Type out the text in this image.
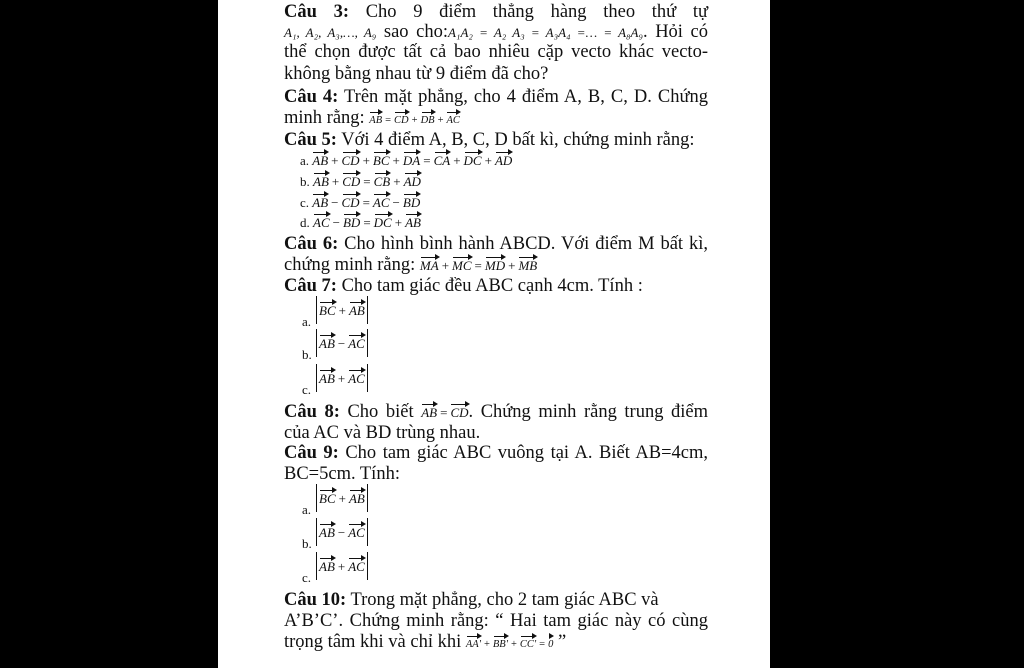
Câu 3: Cho 9 điểm thẳng hàng theo thứ tự
A₁, A₂, A₃,…, A₉ sao cho:A₁A₂ = A₂ A₃ = A₃A₄ =… = A₈A₉. Hỏi có
thể chọn được tất cả bao nhiêu cặp vecto khác vecto-
không bằng nhau từ 9 điểm đã cho?
Câu 4: Trên mặt phẳng, cho 4 điểm A, B, C, D. Chứng
minh rằng: AB = CD + DB + AC
Câu 5: Với 4 điểm A, B, C, D bất kì, chứng minh rằng:
a. AB + CD + BC + DA = CA + DC + AD
b. AB + CD = CB + AD
c. AB − CD = AC − BD
d. AC − BD = DC + AB
Câu 6: Cho hình bình hành ABCD. Với điểm M bất kì,
chứng minh rằng: MA + MC = MD + MB
Câu 7: Cho tam giác đều ABC cạnh 4cm. Tính :
BC + AB
a.
AB − AC
b.
AB + AC
c.
Câu 8: Cho biết AB = CD. Chứng minh rằng trung điểm
của AC và BD trùng nhau.
Câu 9: Cho tam giác ABC vuông tại A. Biết AB=4cm,
BC=5cm. Tính:
BC + AB
a.
AB − AC
b.
AB + AC
c.
Câu 10: Trong mặt phẳng, cho 2 tam giác ABC và
A’B’C’. Chứng minh rằng: “ Hai tam giác này có cùng
trọng tâm khi và chỉ khi AA' + BB' + CC' = 0 ”
